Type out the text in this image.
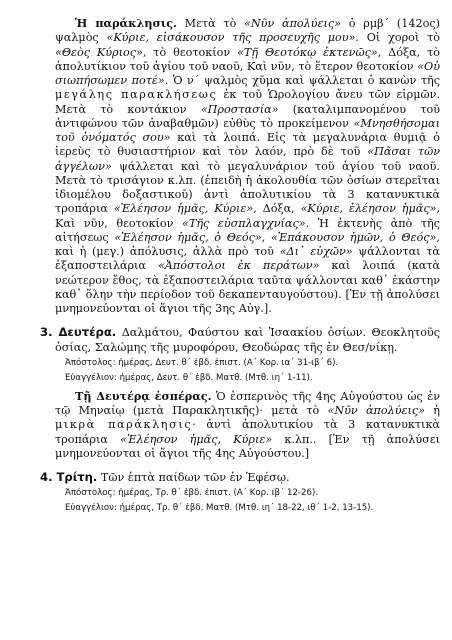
Ἡ παράκλησις. Μετὰ τὸ «Νῦν ἀπολύεις» ὁ ρμβ΄ (142ος) ψαλμὸς «Κύριε, εἰσάκουσον τῆς προσευχῆς μου». Οἱ χοροὶ τὸ «Θεὸς Κύριος», τὸ θεοτοκίον «Τῇ Θεοτόκῳ ἐκτενῶς», Δόξα, τὸ ἀπολυτίκιον τοῦ ἁγίου τοῦ ναοῦ, Καὶ νῦν, τὸ ἕτερον θεοτοκίον «Οὐ σιωπήσωμεν ποτέ». Ὁ ν΄ ψαλμὸς χῦμα καὶ ψάλλεται ὁ κανὼν τῆς μεγάλης παρακλήσεως ἐκ τοῦ Ὡρολογίου ἄνευ τῶν εἱρμῶν. Μετὰ τὸ κοντάκιον «Προστασία» (καταλιμπανομένου τοῦ ἀντιφώνου τῶν ἀναβαθμῶν) εὐθὺς τὸ προκείμενον «Μνησθήσομαι τοῦ ὀνόματός σου» καὶ τὰ λοιπά. Εἰς τὰ μεγαλυνάρια θυμιᾷ ὁ ἱερεὺς τὸ θυσιαστήριον καὶ τὸν λαόν, πρὸ δὲ τοῦ «Πᾶσαι τῶν ἀγγέλων» ψάλλεται καὶ τὸ μεγαλυνάριον τοῦ ἁγίου τοῦ ναοῦ. Μετὰ τὸ τρισάγιον κ.λπ. (ἐπειδὴ ἡ ἀκολουθία τῶν ὁσίων στερεῖται ἰδιομέλου δοξαστικοῦ) ἀντὶ ἀπολυτικίου τὰ 3 κατανυκτικὰ τροπάρια «Ἐλέησον ἡμᾶς, Κύριε», Δόξα, «Κύριε, ἐλέησον ἡμᾶς», Καὶ νῦν, θεοτοκίον «Τῆς εὐσπλαγχνίας». Ἡ ἐκτενὴς ἀπὸ τῆς αἰτήσεως «Ἐλέησον ἡμᾶς, ὁ Θεός», «Ἐπάκουσον ἡμῶν, ὁ Θεός», καὶ ἡ (μεγ.) ἀπόλυσις, ἀλλὰ πρὸ τοῦ «Δι᾽ εὐχῶν» ψάλλονται τὰ ἐξαποστειλάρια «Ἀπόστολοι ἐκ περάτων» καὶ λοιπά (κατὰ νεώτερον ἔθος, τὰ ἐξαποστειλάρια ταῦτα ψάλλονται καθ᾽ ἑκάστην καθ᾽ ὅλην τὴν περίοδον τοῦ δεκαπενταυγούστου). [Ἐν τῇ ἀπολύσει μνημονεύονται οἱ ἅγιοι τῆς 3ης Αὐγ.].

3. Δευτέρα. Δαλμάτου, Φαύστου καὶ Ἰσαακίου ὁσίων. Θεοκλητοῦς ὁσίας, Σαλώμης τῆς μυροφόρου, Θεοδώρας τῆς ἐν Θεσ/νίκῃ.

Ἀπόστολος: ἡμέρας, Δευτ. θ΄ ἑβδ. ἐπιστ. (Α΄ Κορ. ια΄ 31-ιβ΄ 6).
Εὐαγγέλιον: ἡμέρας, Δευτ. θ΄ ἑβδ. Ματθ. (Μτθ. ιη΄ 1-11).

Τῇ Δευτέρᾳ ἑσπέρας. Ὁ ἑσπερινὸς τῆς 4ης Αὐγούστου ὡς ἐν τῷ Μηναίῳ (μετὰ Παρακλητικῆς)· μετὰ τὸ «Νῦν ἀπολύεις» ἡ μικρὰ παράκλησις· ἀντὶ ἀπολυτικίου τὰ 3 κατανυκτικὰ τροπάρια «Ἐλέησον ἡμᾶς, Κύριε» κ.λπ.. [Ἐν τῇ ἀπολύσει μνημονεύονται οἱ ἅγιοι τῆς 4ης Αὐγούστου.]

4. Τρίτη. Τῶν ἑπτὰ παίδων τῶν ἐν Ἐφέσῳ.

Ἀπόστολος: ἡμέρας, Τρ. θ΄ ἑβδ. ἐπιστ. (Α΄ Κορ. ιβ΄ 12-26).
Εὐαγγέλιον: ἡμέρας, Τρ. θ΄ ἑβδ. Ματθ. (Μτθ. ιη΄ 18-22, ιθ΄ 1-2, 13-15).
